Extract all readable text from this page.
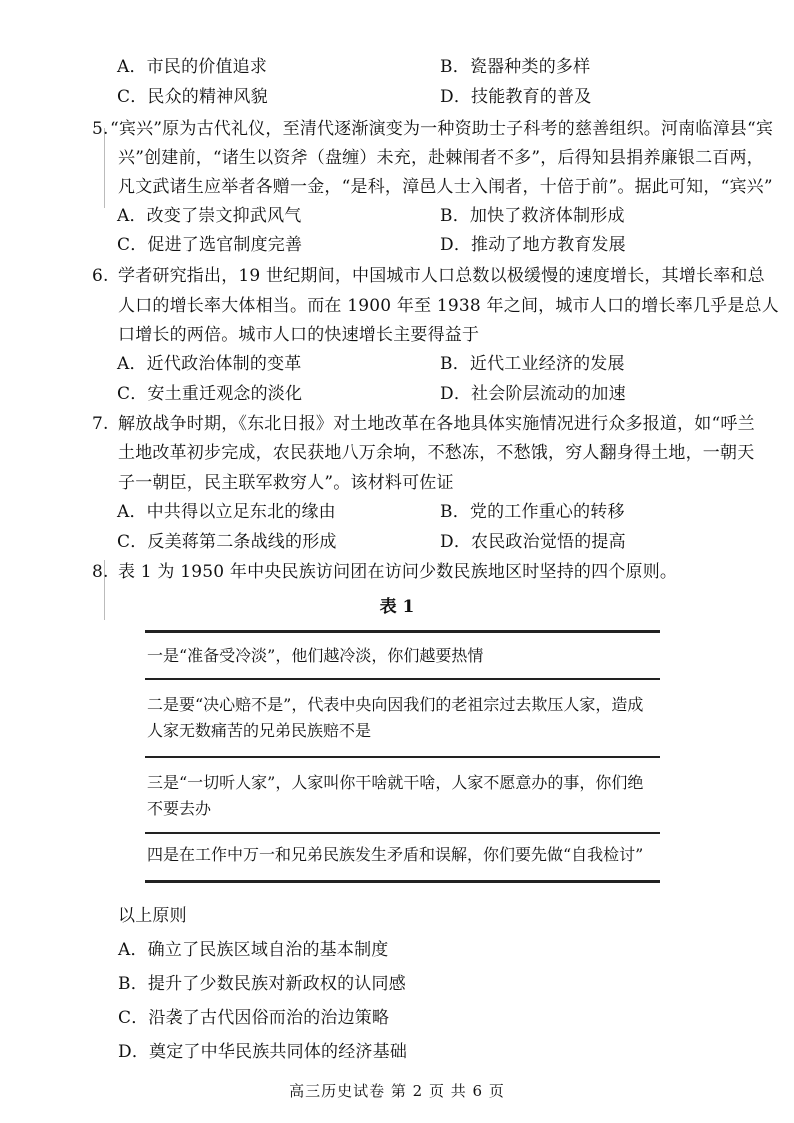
A．市民的价值追求	B．瓷器种类的多样
C．民众的精神风貌	D．技能教育的普及
5. “宾兴”原为古代礼仪，至清代逐渐演变为一种资助士子科考的慈善组织。河南临漳县“宾
兴”创建前，“诸生以资斧（盘缠）未充，赴棘闱者不多”，后得知县捐养廉银二百两，
凡文武诸生应举者各赠一金，“是科，漳邑人士入闱者，十倍于前”。据此可知，“宾兴”
A．改变了崇文抑武风气	B．加快了救济体制形成
C．促进了选官制度完善	D．推动了地方教育发展
6. 学者研究指出，19 世纪期间，中国城市人口总数以极缓慢的速度增长，其增长率和总
人口的增长率大体相当。而在 1900 年至 1938 年之间，城市人口的增长率几乎是总人
口增长的两倍。城市人口的快速增长主要得益于
A．近代政治体制的变革	B．近代工业经济的发展
C．安土重迁观念的淡化	D．社会阶层流动的加速
7. 解放战争时期，《东北日报》对土地改革在各地具体实施情况进行众多报道，如“呼兰
土地改革初步完成，农民获地八万余垧，不愁冻，不愁饿，穷人翻身得土地，一朝天
子一朝臣，民主联军救穷人”。该材料可佐证
A．中共得以立足东北的缘由	B．党的工作重心的转移
C．反美蒋第二条战线的形成	D．农民政治觉悟的提高
8. 表 1 为 1950 年中央民族访问团在访问少数民族地区时坚持的四个原则。
表 1
一是“准备受冷淡”，他们越冷淡，你们越要热情
二是要“决心赔不是”，代表中央向因我们的老祖宗过去欺压人家，造成人家无数痛苦的兄弟民族赔不是
三是“一切听人家”，人家叫你干啥就干啥，人家不愿意办的事，你们绝不要去办
四是在工作中万一和兄弟民族发生矛盾和误解，你们要先做“自我检讨”
以上原则
A．确立了民族区域自治的基本制度
B．提升了少数民族对新政权的认同感
C．沿袭了古代因俗而治的治边策略
D．奠定了中华民族共同体的经济基础
高三历史试卷 第 2 页 共 6 页
